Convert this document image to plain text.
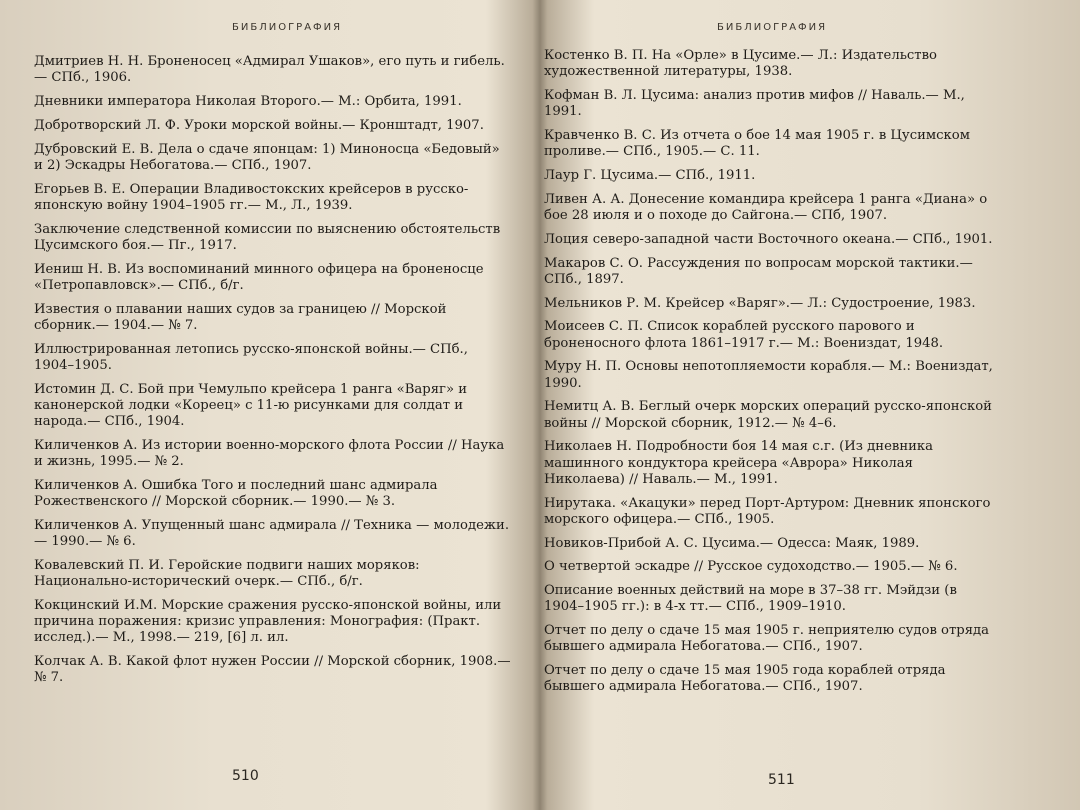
БИБЛИОГРАФИЯ

Дмитриев Н. Н. Броненосец «Адмирал Ушаков», его путь и гибель.— СПб., 1906.

Дневники императора Николая Второго.— М.: Орбита, 1991.

Добротворский Л. Ф. Уроки морской войны.— Кронштадт, 1907.

Дубровский Е. В. Дела о сдаче японцам: 1) Миноносца «Бедовый» и 2) Эскадры Небогатова.— СПб., 1907.

Егорьев В. Е. Операции Владивостокских крейсеров в русско-японскую войну 1904–1905 гг.— М., Л., 1939.

Заключение следственной комиссии по выяснению обстоятельств Цусимского боя.— Пг., 1917.

Иениш Н. В. Из воспоминаний минного офицера на броненосце «Петропавловск».— СПб., б/г.

Известия о плавании наших судов за границею // Морской сборник.— 1904.— № 7.

Иллюстрированная летопись русско-японской войны.— СПб., 1904–1905.

Истомин Д. С. Бой при Чемульпо крейсера 1 ранга «Варяг» и канонерской лодки «Кореец» с 11-ю рисунками для солдат и народа.— СПб., 1904.

Киличенков А. Из истории военно-морского флота России // Наука и жизнь, 1995.— № 2.

Киличенков А. Ошибка Того и последний шанс адмирала Рожественского // Морской сборник.— 1990.— № 3.

Киличенков А. Упущенный шанс адмирала // Техника — молодежи.— 1990.— № 6.

Ковалевский П. И. Геройские подвиги наших моряков: Национально-исторический очерк.— СПб., б/г.

Кокцинский И.М. Морские сражения русско-японской войны, или причина поражения: кризис управления: Монография: (Практ. исслед.).— М., 1998.— 219, [6] л. ил.

Колчак А. В. Какой флот нужен России // Морской сборник, 1908.— № 7.

510
БИБЛИОГРАФИЯ

Костенко В. П. На «Орле» в Цусиме.— Л.: Издательство художественной литературы, 1938.

Кофман В. Л. Цусима: анализ против мифов // Наваль.— М., 1991.

Кравченко В. С. Из отчета о бое 14 мая 1905 г. в Цусимском проливе.— СПб., 1905.— С. 11.

Лаур Г. Цусима.— СПб., 1911.

Ливен А. А. Донесение командира крейсера 1 ранга «Диана» о бое 28 июля и о походе до Сайгона.— СПб, 1907.

Лоция северо-западной части Восточного океана.— СПб., 1901.

Макаров С. О. Рассуждения по вопросам морской тактики.— СПб., 1897.

Мельников Р. М. Крейсер «Варяг».— Л.: Судостроение, 1983.

Моисеев С. П. Список кораблей русского парового и броненосного флота 1861–1917 г.— М.: Воениздат, 1948.

Муру Н. П. Основы непотопляемости корабля.— М.: Воениздат, 1990.

Немитц А. В. Беглый очерк морских операций русско-японской войны // Морской сборник, 1912.— № 4–6.

Николаев Н. Подробности боя 14 мая с.г. (Из дневника машинного кондуктора крейсера «Аврора» Николая Николаева) // Наваль.— М., 1991.

Нирутака. «Акацуки» перед Порт-Артуром: Дневник японского морского офицера.— СПб., 1905.

Новиков-Прибой А. С. Цусима.— Одесса: Маяк, 1989.

О четвертой эскадре // Русское судоходство.— 1905.— № 6.

Описание военных действий на море в 37–38 гг. Мэйдзи (в 1904–1905 гг.): в 4-х тт.— СПб., 1909–1910.

Отчет по делу о сдаче 15 мая 1905 г. неприятелю судов отряда бывшего адмирала Небогатова.— СПб., 1907.

Отчет по делу о сдаче 15 мая 1905 года кораблей отряда бывшего адмирала Небогатова.— СПб., 1907.

511
